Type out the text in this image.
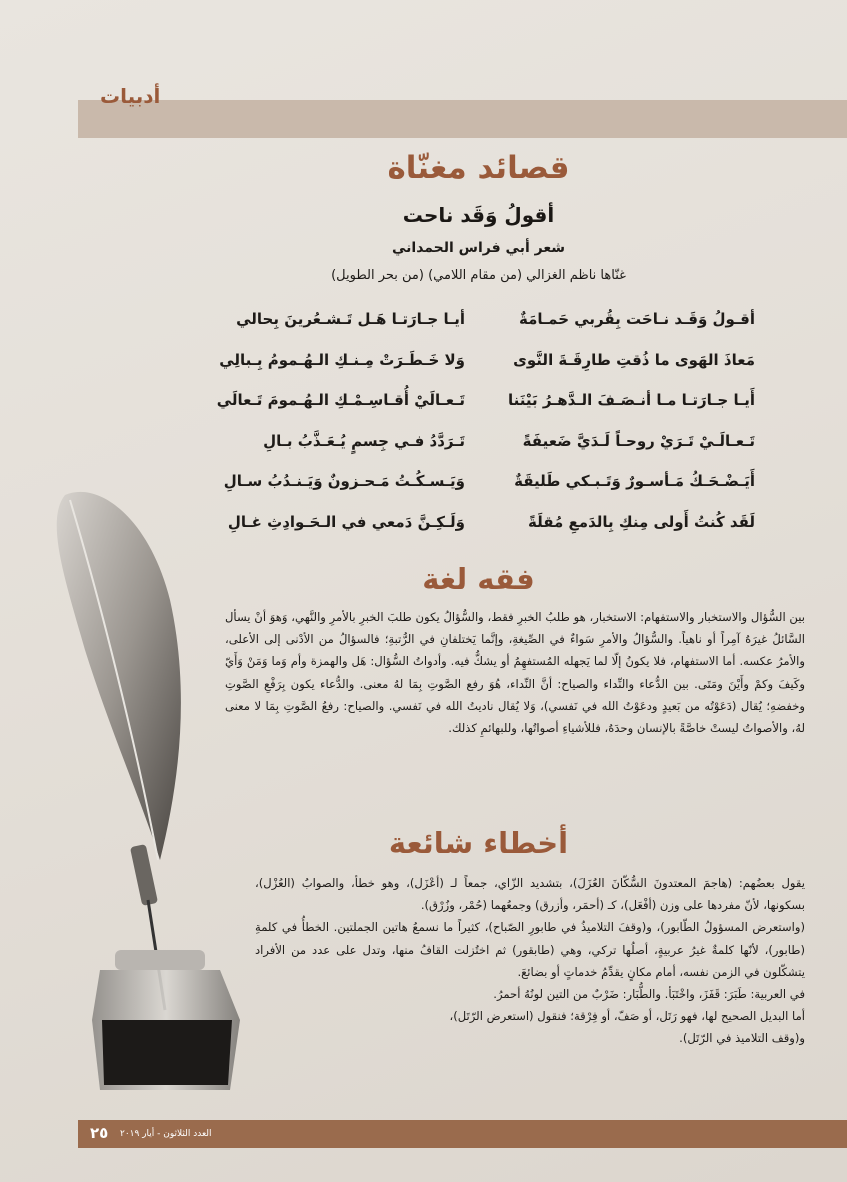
أدبيات
قصائد مغنّاة
أقولُ وَقَد ناحت
شعر أبي فراس الحمداني
غنّاها ناظم الغزالي (من مقام اللامي) (من بحر الطويل)
أقـولُ وَقَـد نـاحَت بِقُربي حَمـامَةٌ
أيـا جـارَتـا هَـل تَـشـعُرينَ بِحالي
مَعاذَ الهَوى ما ذُقتِ طارِقَـةَ النَّوى
وَلا خَـطَـرَتْ مِـنـكِ الـهُـمومُ بِـبالِي
أَيـا جـارَتـا مـا أنـصَـفَ الـدَّهـرُ بَيْنَنا
تَـعـالَيْ أُقـاسِـمْـكِ الـهُـمومَ تَـعالَي
تَـعـالَـيْ تَـرَيْ روحـاً لَـدَيَّ ضَعيفَةً
تَـرَدَّدُ فـي جِسمٍ يُـعَـذَّبُ بـالِ
أَيَـضْـحَـكُ مَـأسـورٌ وَتَـبـكي طَليقَةٌ
وَيَـسـكُـتُ مَـحـزونٌ وَيَـنـدُبُ سـالِ
لَقَد كُنتُ أَولى مِنكِ بِالدَمعِ مُقلَةً
وَلَـكِـنَّ دَمعي في الـحَـوادِثِ غـالِ
فقه لغة

بين السُّؤال والاستخبار والاستفهام: الاستخبار، هو طلبُ الخبرِ فقط، والسُّؤالُ يكون طلبَ الخبرِ بالأمرِ والنَّهي، وَهوَ أنْ يسأل السَّائلُ غيرَهُ آمِراً أو ناهياً. والسُّؤالُ والأمرِ سَواءٌ في الصِّيغةِ، وإنَّما يَختلفانِ في الرُّتبةِ؛ فالسؤالُ من الأدْنى إلى الأعلى، والأمرُ عكسه. أما الاستفهام، فلا يكونُ إلّا لما يَجهله المُستفهِمُ أو يشكُّ فيه. وأدواتُ السُّؤال: هَل والهمزة وأم وَما وَمَنْ وَأَيّ وكَيفَ وكمْ وأَيْنَ ومَتَى. بين الدُّعاء والنِّداء والصياح: أنَّ النِّداء، هُوَ رفع الصَّوتِ بِمَا لهُ معنى. والدُّعاء يكون بِرَفْعِ الصَّوتِ وخفضهِ؛ يُقال (دَعَوْتُه من بَعيدٍ ودعَوْتُ الله في نَفسي)، وَلا يُقال ناديتُ الله في نَفسي. والصياح: رفعُ الصَّوتِ بِمَا لا معنى لهُ، والأصواتُ ليستْ خاصَّةً بالإنسان وحدَهُ، فللأشياءِ أصواتُها، وللبهائمِ كذلك.

أخطاء شائعة

يقول بعضُهم: (هاجمَ المعتدونَ السُّكّانَ العُزَلَ)، بتشديد الزّاي، جمعاً لـ (أعْزَل)، وهو خطأ، والصوابُ (العُزْل)، بسكونها، لأنّ مفردها على وزن (أفْعَل)، كـ (أحمَر، وأزرق) وجمعُهما (حُمْر، وزُرْق).

(واستعرض المسؤولُ الطّابور)، و(وقفَ التلاميذُ في طابورِ الصّباح)، كثيراً ما نسمعُ هاتين الجملتين. الخطأُ في كلمةِ (طابور)، لأنّها كلمةٌ غيرُ عربيةٍ، أصلُها تركي، وهي (طابقور) ثم اختُزلت القافُ منها، وتدل على عدد من الأفراد يتشكّلون في الزمن نفسه، أمام مكانٍ يقدِّمُ خدماتٍ أو بضائعَ.

في العربية: طَبَرَ: قَفَزَ، واخْتَبَأ. والطُّبَار: ضَرْبٌ من التين لونُهُ أحمرُ.

أما البديل الصحيح لها، فهو رَتَل، أو صَفّ، أو فِرْقة؛ فنقول (استعرض الرّتَل)،

و(وقف التلاميذ في الرّتَل).

٢٥ العدد الثلاثون - أيار ٢٠١٩
